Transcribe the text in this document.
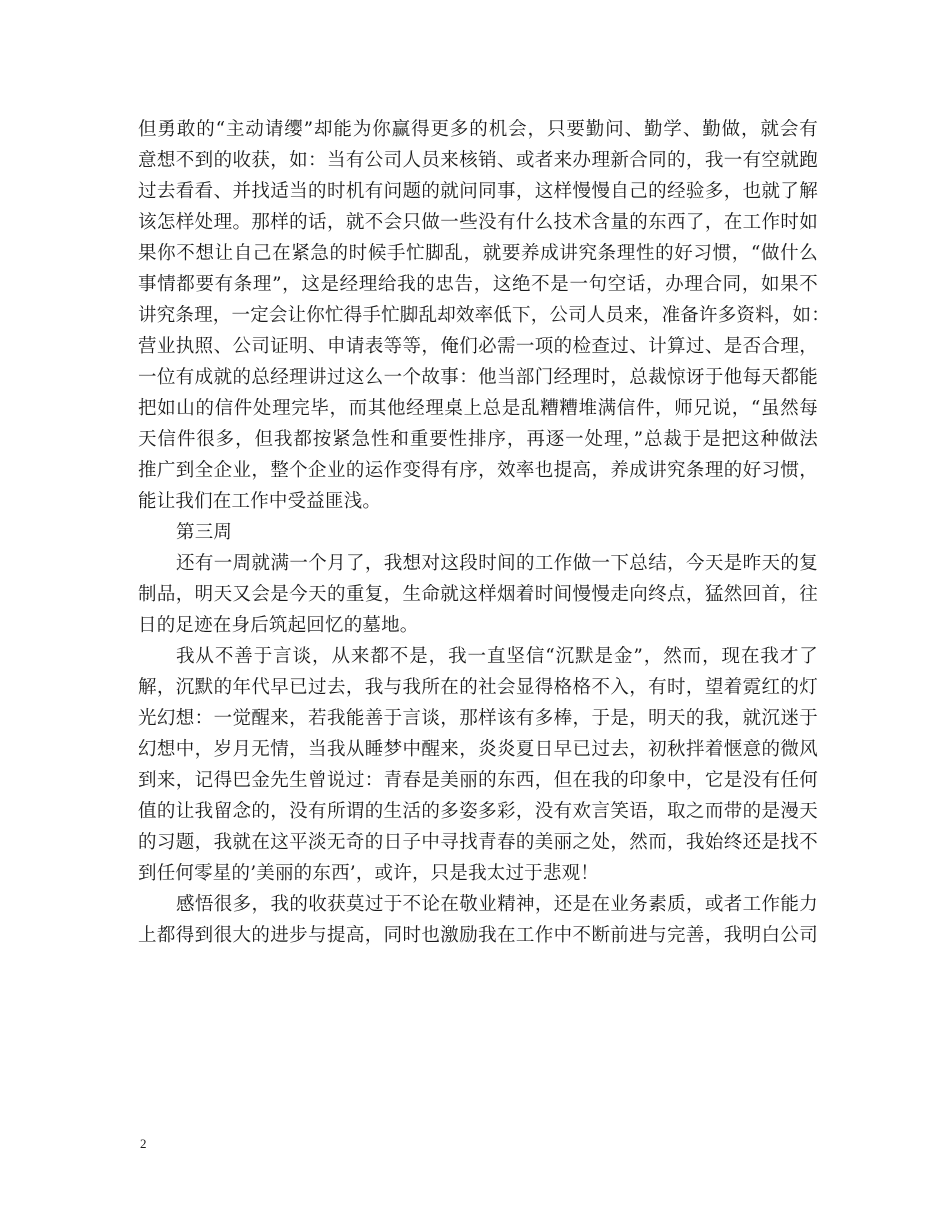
但勇敢的“主动请缨”却能为你赢得更多的机会，只要勤问、勤学、勤做，就会有
意想不到的收获，如：当有公司人员来核销、或者来办理新合同的，我一有空就跑
过去看看、并找适当的时机有问题的就问同事，这样慢慢自己的经验多，也就了解
该怎样处理。那样的话，就不会只做一些没有什么技术含量的东西了，在工作时如
果你不想让自己在紧急的时候手忙脚乱，就要养成讲究条理性的好习惯，“做什么
事情都要有条理”，这是经理给我的忠告，这绝不是一句空话，办理合同，如果不
讲究条理，一定会让你忙得手忙脚乱却效率低下，公司人员来，准备许多资料，如：
营业执照、公司证明、申请表等等，俺们必需一项的检查过、计算过、是否合理，
一位有成就的总经理讲过这么一个故事：他当部门经理时，总裁惊讶于他每天都能
把如山的信件处理完毕，而其他经理桌上总是乱糟糟堆满信件，师兄说，“虽然每
天信件很多，但我都按紧急性和重要性排序，再逐一处理，”总裁于是把这种做法
推广到全企业，整个企业的运作变得有序，效率也提高，养成讲究条理的好习惯，
能让我们在工作中受益匪浅。
第三周
还有一周就满一个月了，我想对这段时间的工作做一下总结，今天是昨天的复
制品，明天又会是今天的重复，生命就这样烟着时间慢慢走向终点，猛然回首，往
日的足迹在身后筑起回忆的墓地。
我从不善于言谈，从来都不是，我一直坚信“沉默是金”，然而，现在我才了
解，沉默的年代早已过去，我与我所在的社会显得格格不入，有时，望着霓红的灯
光幻想：一觉醒来，若我能善于言谈，那样该有多棒，于是，明天的我，就沉迷于
幻想中，岁月无情，当我从睡梦中醒来，炎炎夏日早已过去，初秋拌着惬意的微风
到来，记得巴金先生曾说过：青春是美丽的东西，但在我的印象中，它是没有任何
值的让我留念的，没有所谓的生活的多姿多彩，没有欢言笑语，取之而带的是漫天
的习题，我就在这平淡无奇的日子中寻找青春的美丽之处，然而，我始终还是找不
到任何零星的’美丽的东西’，或许，只是我太过于悲观！
感悟很多，我的收获莫过于不论在敬业精神，还是在业务素质，或者工作能力
上都得到很大的进步与提高，同时也激励我在工作中不断前进与完善，我明白公司
2
